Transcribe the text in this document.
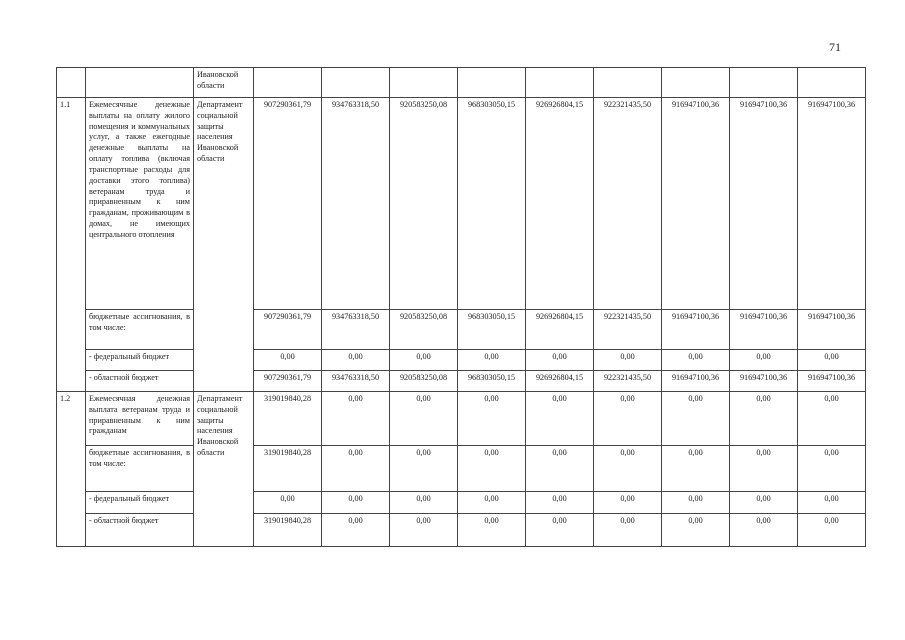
71
		Ивановской области									
1.1	Ежемесячные денежные выплаты на оплату жилого помещения и коммунальных услуг, а также ежегодные денежные выплаты на оплату топлива (включая транспортные расходы для доставки этого топлива) ветеранам труда и приравненным к ним гражданам, проживающим в домах, не имеющих центрального отопления	Департамент социальной защиты населения Ивановской области	907290361,79	934763318,50	920583250,08	968303050,15	926926804,15	922321435,50	916947100,36	916947100,36	916947100,36
	бюджетные ассигнования, в том числе:		907290361,79	934763318,50	920583250,08	968303050,15	926926804,15	922321435,50	916947100,36	916947100,36	916947100,36
	- федеральный бюджет		0,00	0,00	0,00	0,00	0,00	0,00	0,00	0,00	0,00
	- областной бюджет		907290361,79	934763318,50	920583250,08	968303050,15	926926804,15	922321435,50	916947100,36	916947100,36	916947100,36
1.2	Ежемесячная денежная выплата ветеранам труда и приравненным к ним гражданам	Департамент социальной защиты населения Ивановской области	319019840,28	0,00	0,00	0,00	0,00	0,00	0,00	0,00	0,00
	бюджетные ассигнования, в том числе:		319019840,28	0,00	0,00	0,00	0,00	0,00	0,00	0,00	0,00
	- федеральный бюджет		0,00	0,00	0,00	0,00	0,00	0,00	0,00	0,00	0,00
	- областной бюджет		319019840,28	0,00	0,00	0,00	0,00	0,00	0,00	0,00	0,00
